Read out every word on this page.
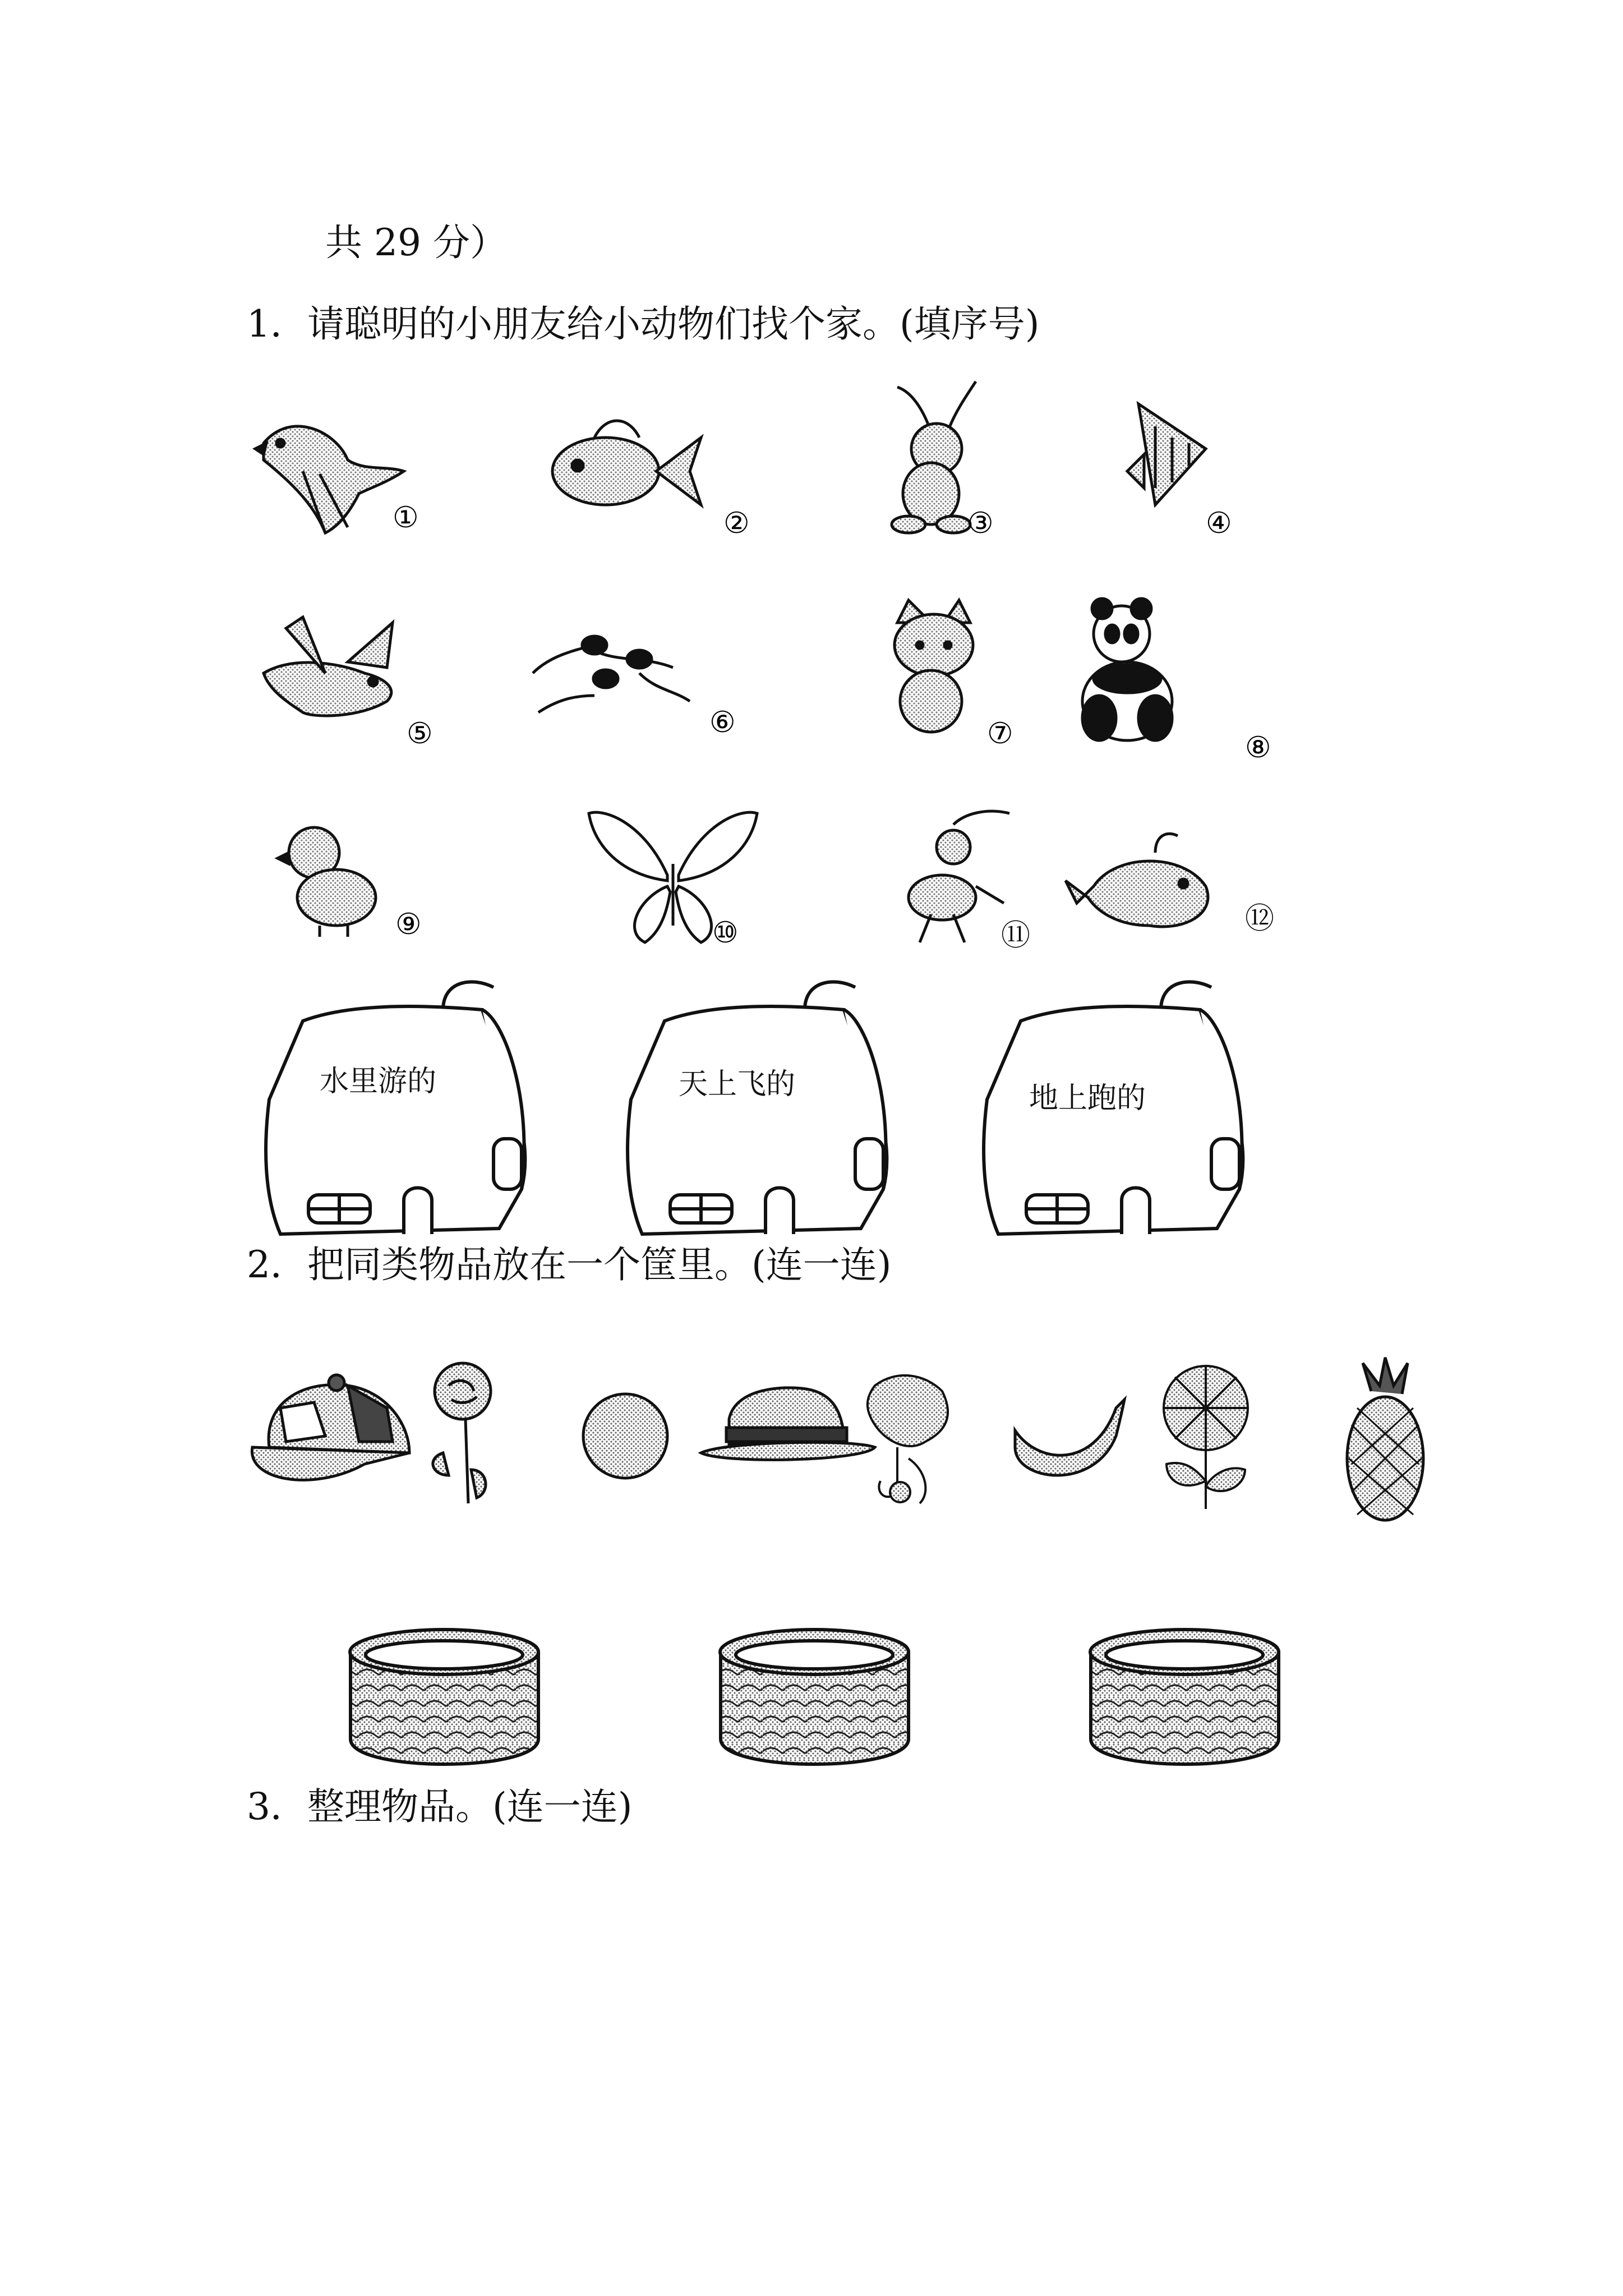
共 29 分）
1．请聪明的小朋友给小动物们找个家。(填序号)
①	②	③	④
⑤	⑥	⑦	⑧
⑨	⑩	⑪	⑫
水里游的	天上飞的	地上跑的
2．把同类物品放在一个筐里。(连一连)
3．整理物品。(连一连)
